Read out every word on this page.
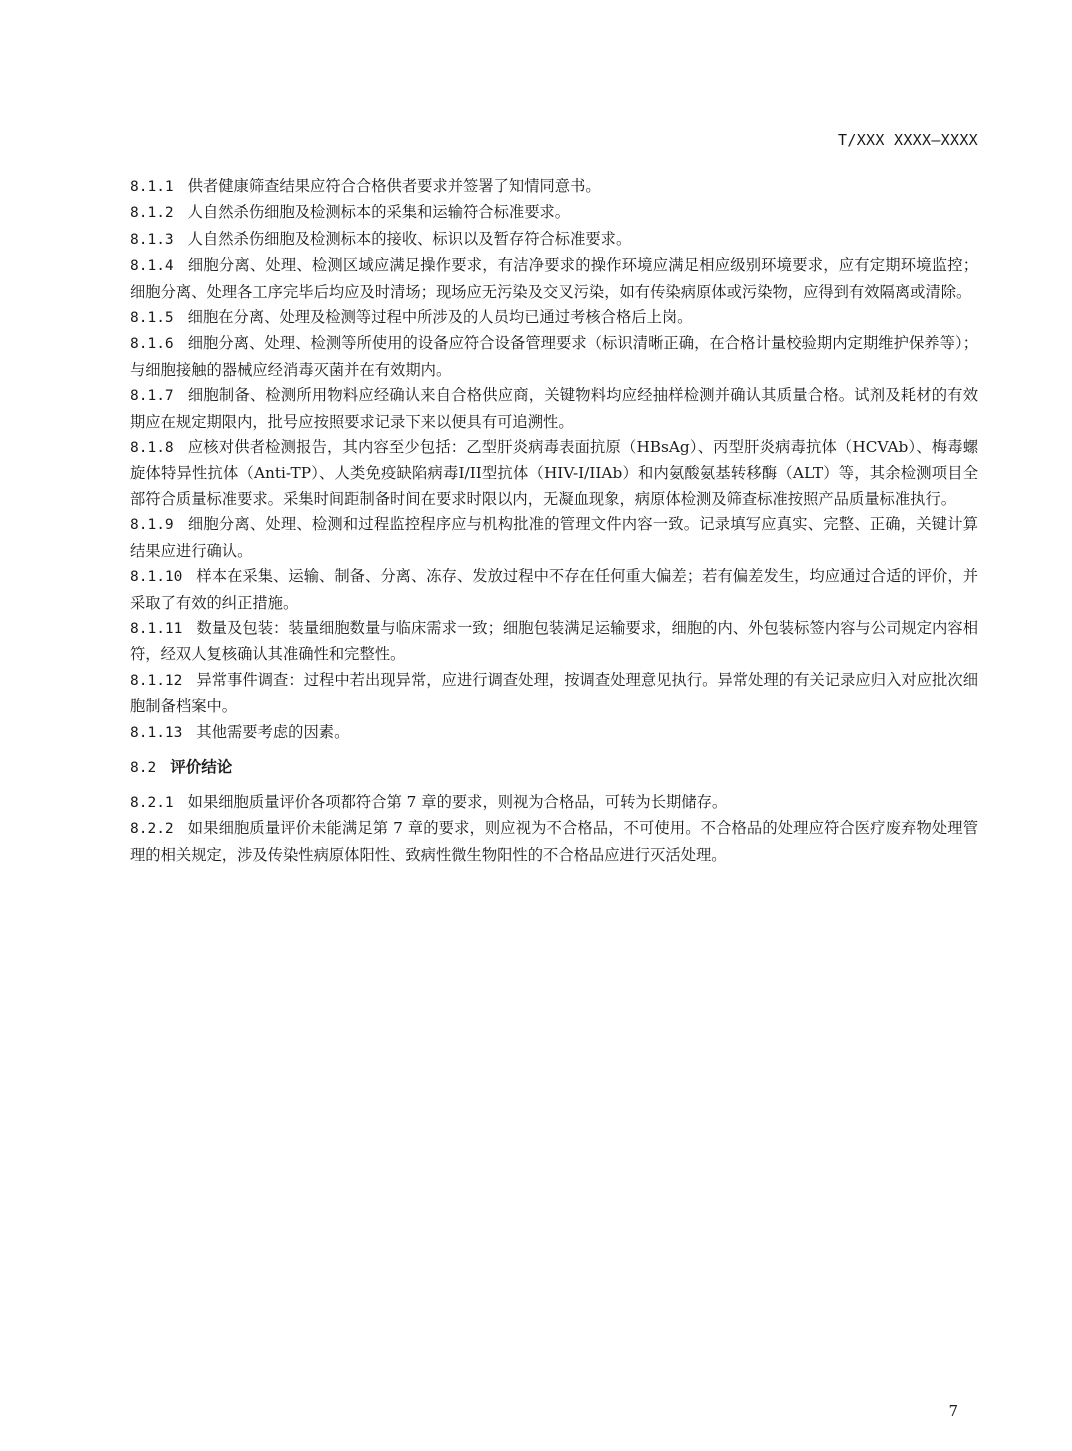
T/XXX XXXX—XXXX

8.1.1 供者健康筛查结果应符合合格供者要求并签署了知情同意书。

8.1.2 人自然杀伤细胞及检测标本的采集和运输符合标准要求。

8.1.3 人自然杀伤细胞及检测标本的接收、标识以及暂存符合标准要求。

8.1.4 细胞分离、处理、检测区域应满足操作要求，有洁净要求的操作环境应满足相应级别环境要求，应有定期环境监控；细胞分离、处理各工序完毕后均应及时清场；现场应无污染及交叉污染，如有传染病原体或污染物，应得到有效隔离或清除。

8.1.5 细胞在分离、处理及检测等过程中所涉及的人员均已通过考核合格后上岗。

8.1.6 细胞分离、处理、检测等所使用的设备应符合设备管理要求（标识清晰正确，在合格计量校验期内定期维护保养等）；与细胞接触的器械应经消毒灭菌并在有效期内。

8.1.7 细胞制备、检测所用物料应经确认来自合格供应商，关键物料均应经抽样检测并确认其质量合格。试剂及耗材的有效期应在规定期限内，批号应按照要求记录下来以便具有可追溯性。

8.1.8 应核对供者检测报告，其内容至少包括：乙型肝炎病毒表面抗原（HBsAg）、丙型肝炎病毒抗体（HCVAb）、梅毒螺旋体特异性抗体（Anti-TP）、人类免疫缺陷病毒I/II型抗体（HIV-I/IIAb）和内氨酸氨基转移酶（ALT）等，其余检测项目全部符合质量标准要求。采集时间距制备时间在要求时限以内，无凝血现象，病原体检测及筛查标准按照产品质量标准执行。

8.1.9 细胞分离、处理、检测和过程监控程序应与机构批准的管理文件内容一致。记录填写应真实、完整、正确，关键计算结果应进行确认。

8.1.10 样本在采集、运输、制备、分离、冻存、发放过程中不存在任何重大偏差；若有偏差发生，均应通过合适的评价，并采取了有效的纠正措施。

8.1.11 数量及包装：装量细胞数量与临床需求一致；细胞包装满足运输要求，细胞的内、外包装标签内容与公司规定内容相符，经双人复核确认其准确性和完整性。

8.1.12 异常事件调查：过程中若出现异常，应进行调查处理，按调查处理意见执行。异常处理的有关记录应归入对应批次细胞制备档案中。

8.1.13 其他需要考虑的因素。

8.2 评价结论

8.2.1 如果细胞质量评价各项都符合第 7 章的要求，则视为合格品，可转为长期储存。

8.2.2 如果细胞质量评价未能满足第 7 章的要求，则应视为不合格品，不可使用。不合格品的处理应符合医疗废弃物处理管理的相关规定，涉及传染性病原体阳性、致病性微生物阳性的不合格品应进行灭活处理。

7
